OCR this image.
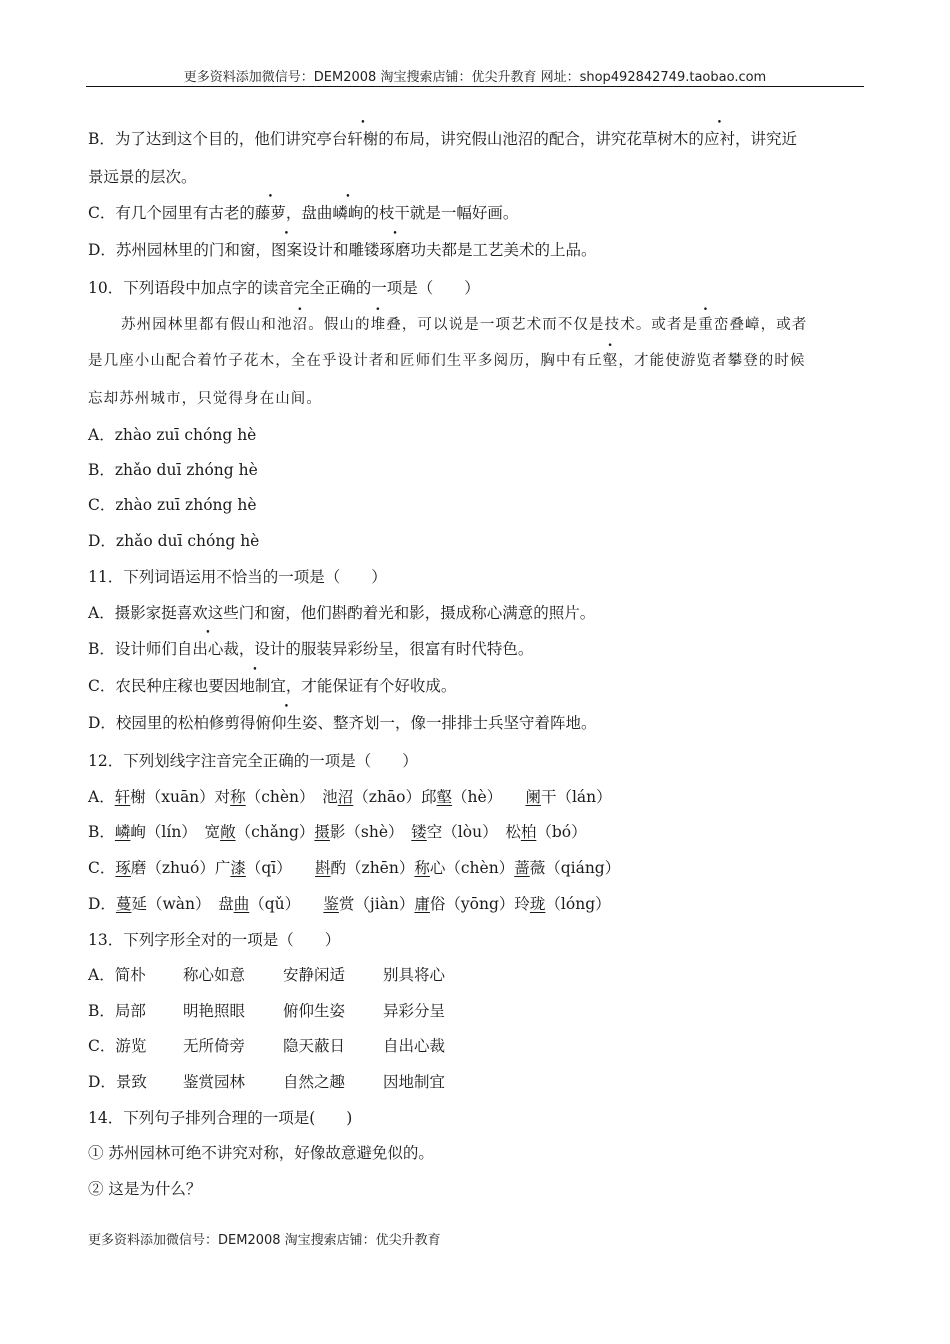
更多资料添加微信号：DEM2008 淘宝搜索店铺：优尖升教育 网址：shop492842749.taobao.com
B．为了达到这个目的，他们讲究亭台轩榭的布局，讲究假山池沼的配合，讲究花草树木的应衬，讲究近
景远景的层次。
C．有几个园里有古老的藤萝，盘曲嶙峋的枝干就是一幅好画。
D．苏州园林里的门和窗，图案设计和雕镂琢磨功夫都是工艺美术的上品。
10．下列语段中加点字的读音完全正确的一项是（　　）
苏州园林里都有假山和池沼。假山的堆叠，可以说是一项艺术而不仅是技术。或者是重峦叠嶂，或者
是几座小山配合着竹子花木，全在乎设计者和匠师们生平多阅历，胸中有丘壑，才能使游览者攀登的时候
忘却苏州城市，只觉得身在山间。
A．zhào zuī chóng hè
B．zhǎo duī zhóng hè
C．zhào zuī zhóng hè
D．zhǎo duī chóng hè
11．下列词语运用不恰当的一项是（　　）
A．摄影家挺喜欢这些门和窗，他们斟酌着光和影，摄成称心满意的照片。
B．设计师们自出心裁，设计的服装异彩纷呈，很富有时代特色。
C．农民种庄稼也要因地制宜，才能保证有个好收成。
D．校园里的松柏修剪得俯仰生姿、整齐划一，像一排排士兵坚守着阵地。
12．下列划线字注音完全正确的一项是（　　）
A．轩榭（xuān）对称（chèn）　池沼（zhāo）邱壑（hè）　　阑干（lán）
B．嶙峋（lín）　宽敞（chǎng）摄影（shè）　镂空（lòu）　松柏（bó）
C．琢磨（zhuó）广漆（qī）　　斟酌（zhēn）称心（chèn）蔷薇（qiáng）
D．蔓延（wàn）　盘曲（qǔ）　　鉴赏（jiàn）庸俗（yōng）玲珑（lóng）
13．下列字形全对的一项是（　　）
A．简朴 称心如意 安静闲适 别具将心
B．局部 明艳照眼 俯仰生姿 异彩分呈
C．游览 无所倚旁 隐天蔽日 自出心裁
D．景致 鉴赏园林 自然之趣 因地制宜
14．下列句子排列合理的一项是(　　)
① 苏州园林可绝不讲究对称，好像故意避免似的。
② 这是为什么？
更多资料添加微信号：DEM2008 淘宝搜索店铺：优尖升教育
